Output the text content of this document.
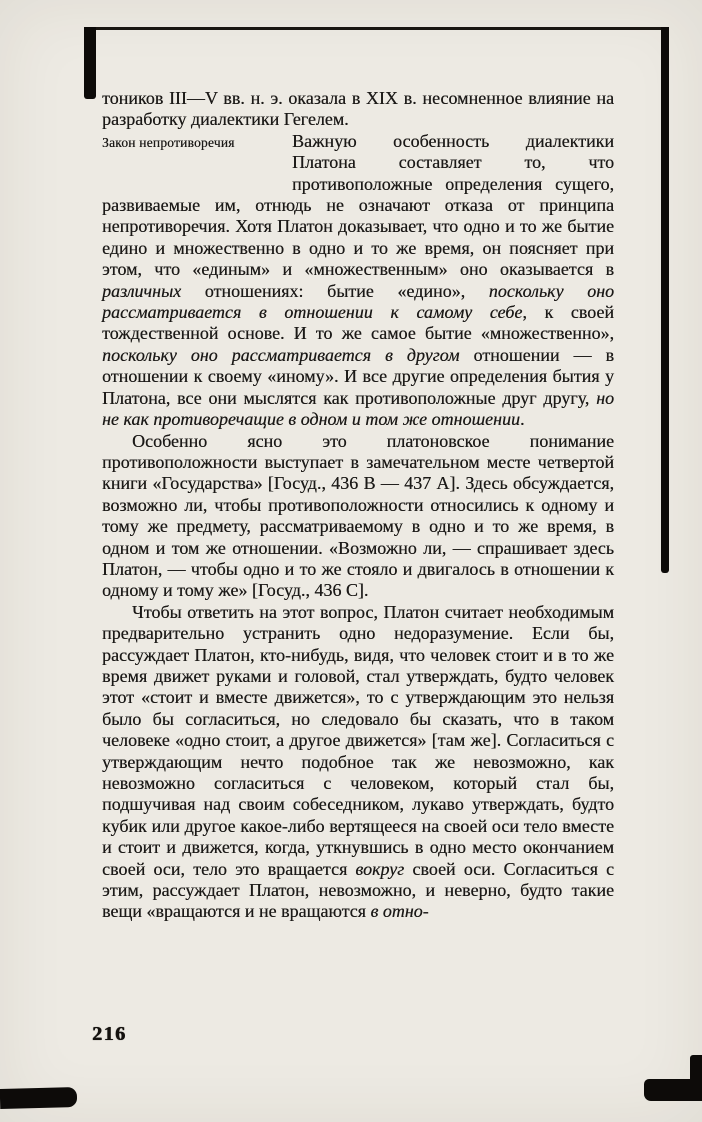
тоников III—V вв. н. э. оказала в XIX в. несомненное влияние на разработку диалектики Гегелем.

Закон непротиворечия	Важную особенность диалектики Платона составляет то, что противоположные определения сущего, развиваемые им, отнюдь не означают отказа от принципа непротиворечия. Хотя Платон доказывает, что одно и то же бытие едино и множественно в одно и то же время, он поясняет при этом, что «единым» и «множественным» оно оказывается в различных отношениях: бытие «едино», поскольку оно рассматривается в отношении к самому себе, к своей тождественной основе. И то же самое бытие «множественно», поскольку оно рассматривается в другом отношении — в отношении к своему «иному». И все другие определения бытия у Платона, все они мыслятся как противоположные друг другу, но не как противоречащие в одном и том же отношении.

Особенно ясно это платоновское понимание противоположности выступает в замечательном месте четвертой книги «Государства» [Госуд., 436 В — 437 А]. Здесь обсуждается, возможно ли, чтобы противоположности относились к одному и тому же предмету, рассматриваемому в одно и то же время, в одном и том же отношении. «Возможно ли, — спрашивает здесь Платон, — чтобы одно и то же стояло и двигалось в отношении к одному и тому же» [Госуд., 436 С].

Чтобы ответить на этот вопрос, Платон считает необходимым предварительно устранить одно недоразумение. Если бы, рассуждает Платон, кто-нибудь, видя, что человек стоит и в то же время движет руками и головой, стал утверждать, будто человек этот «стоит и вместе движется», то с утверждающим это нельзя было бы согласиться, но следовало бы сказать, что в таком человеке «одно стоит, а другое движется» [там же]. Согласиться с утверждающим нечто подобное так же невозможно, как невозможно согласиться с человеком, который стал бы, подшучивая над своим собеседником, лукаво утверждать, будто кубик или другое какое-либо вертящееся на своей оси тело вместе и стоит и движется, когда, уткнувшись в одно место окончанием своей оси, тело это вращается вокруг своей оси. Согласиться с этим, рассуждает Платон, невозможно, и неверно, будто такие вещи «вращаются и не вращаются в отно-

216
